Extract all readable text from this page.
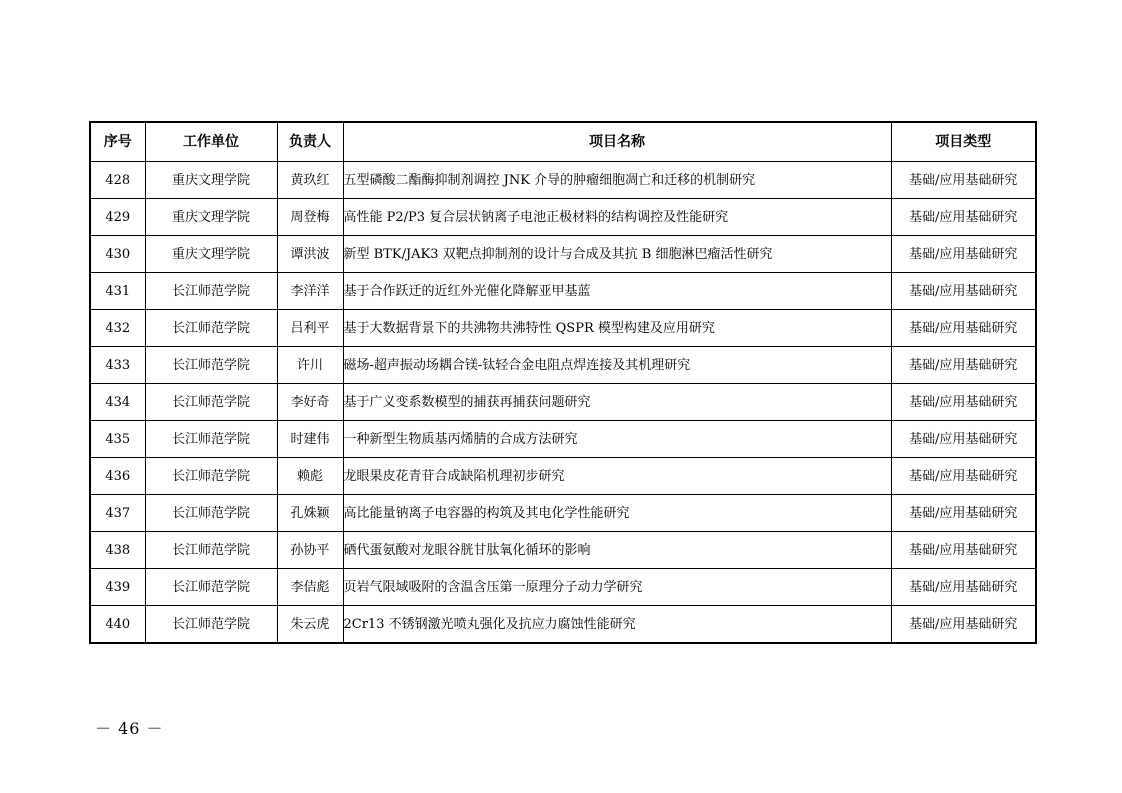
序号	工作单位	负责人	项目名称	项目类型
428	重庆文理学院	黄玖红	五型磷酸二酯酶抑制剂调控 JNK 介导的肿瘤细胞凋亡和迁移的机制研究	基础/应用基础研究
429	重庆文理学院	周登梅	高性能 P2/P3 复合层状钠离子电池正极材料的结构调控及性能研究	基础/应用基础研究
430	重庆文理学院	谭洪波	新型 BTK/JAK3 双靶点抑制剂的设计与合成及其抗 B 细胞淋巴瘤活性研究	基础/应用基础研究
431	长江师范学院	李洋洋	基于合作跃迁的近红外光催化降解亚甲基蓝	基础/应用基础研究
432	长江师范学院	吕利平	基于大数据背景下的共沸物共沸特性 QSPR 模型构建及应用研究	基础/应用基础研究
433	长江师范学院	许川	磁场-超声振动场耦合镁-钛轻合金电阻点焊连接及其机理研究	基础/应用基础研究
434	长江师范学院	李好奇	基于广义变系数模型的捕获再捕获问题研究	基础/应用基础研究
435	长江师范学院	时建伟	一种新型生物质基丙烯腈的合成方法研究	基础/应用基础研究
436	长江师范学院	赖彪	龙眼果皮花青苷合成缺陷机理初步研究	基础/应用基础研究
437	长江师范学院	孔姝颖	高比能量钠离子电容器的构筑及其电化学性能研究	基础/应用基础研究
438	长江师范学院	孙协平	硒代蛋氨酸对龙眼谷胱甘肽氧化循环的影响	基础/应用基础研究
439	长江师范学院	李佶彪	页岩气限域吸附的含温含压第一原理分子动力学研究	基础/应用基础研究
440	长江师范学院	朱云虎	2Cr13 不锈钢激光喷丸强化及抗应力腐蚀性能研究	基础/应用基础研究
－ 46 －
